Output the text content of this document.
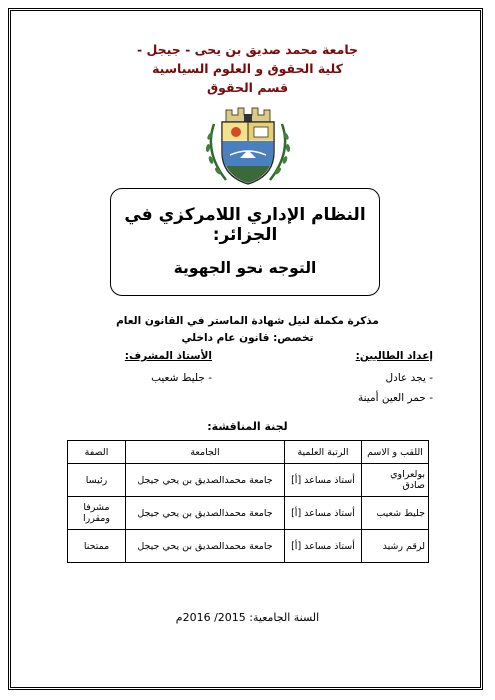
جامعة محمد صديق بن يحى - جيجل -
كلية الحقوق و العلوم السياسية
قسم الحقوق
النظام الإداري اللامركزي في الجزائر:
التوجه نحو الجهوية
مذكرة مكملة لنيل شهادة الماستر في القانون العام
تخصص: قانون عام داخلي
إعداد الطالبين:
- يجد عادل
- حمر العين أمينة
الأستاذ المشرف:
- جليط شعيب
لجنة المناقشة:
اللقب و الاسم	الرتبة العلمية	الجامعة	الصفة
بولعراوي صادق	أستاذ مساعد [أ]	جامعة محمدالصديق بن يحي جيجل	رئيسا
جليط شعيب	أستاذ مساعد [أ]	جامعة محمدالصديق بن يحي جيجل	مشرفا ومقررا
لرقم رشيد	أستاذ مساعد [أ]	جامعة محمدالصديق بن يحي جيجل	ممتحنا
السنة الجامعية: 2015/ 2016م
